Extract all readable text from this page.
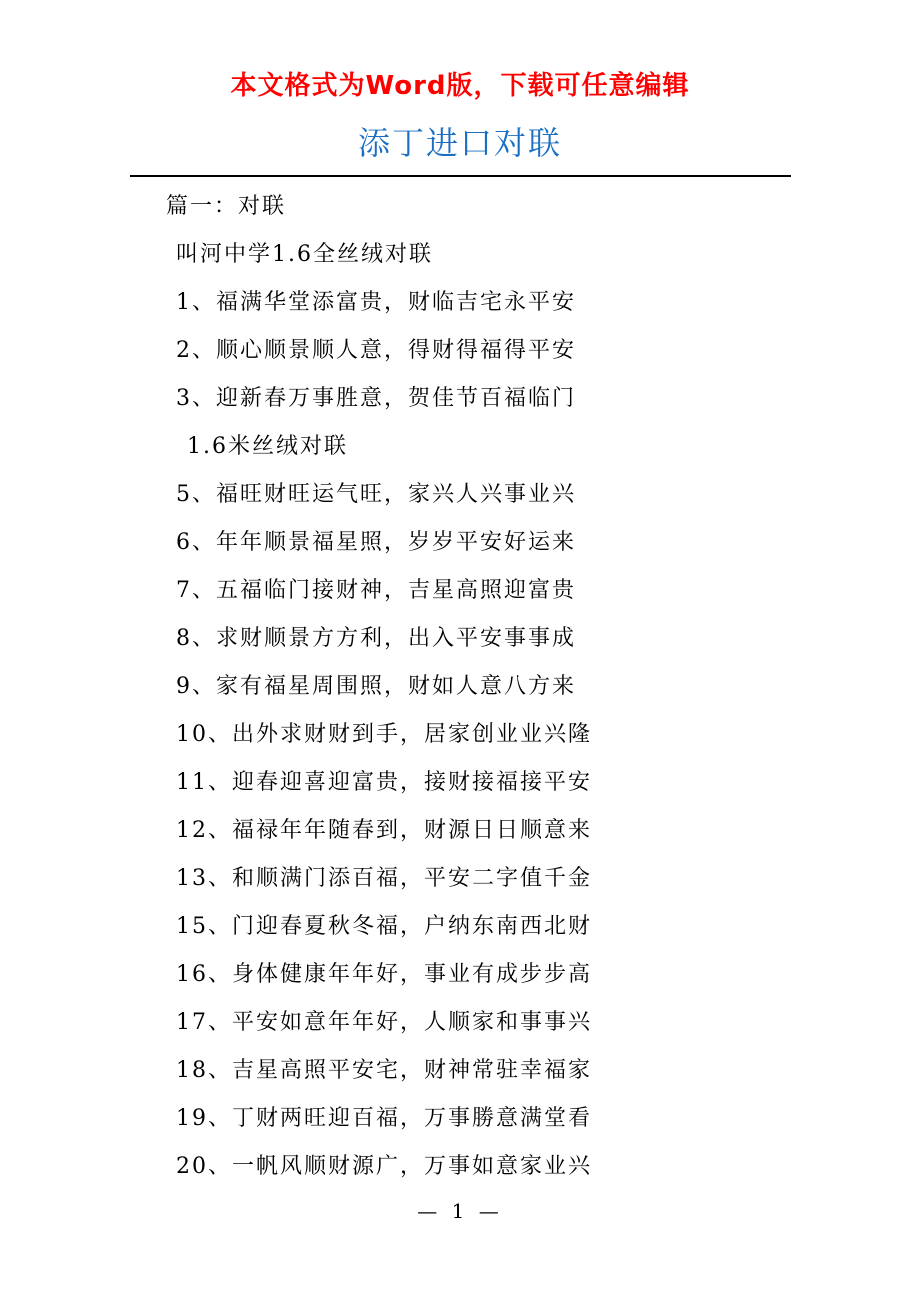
本文格式为Word版，下载可任意编辑
添丁进口对联
篇一：对联
叫河中学1.6全丝绒对联
1、福满华堂添富贵，财临吉宅永平安
2、顺心顺景顺人意，得财得福得平安
3、迎新春万事胜意，贺佳节百福临门
1.6米丝绒对联
5、福旺财旺运气旺，家兴人兴事业兴
6、年年顺景福星照，岁岁平安好运来
7、五福临门接财神，吉星高照迎富贵
8、求财顺景方方利，出入平安事事成
9、家有福星周围照，财如人意八方来
10、出外求财财到手，居家创业业兴隆
11、迎春迎喜迎富贵，接财接福接平安
12、福禄年年随春到，财源日日顺意来
13、和顺满门添百福，平安二字值千金
15、门迎春夏秋冬福，户纳东南西北财
16、身体健康年年好，事业有成步步高
17、平安如意年年好，人顺家和事事兴
18、吉星高照平安宅，财神常驻幸福家
19、丁财两旺迎百福，万事勝意满堂看
20、一帆风顺财源广，万事如意家业兴
— 1 —
